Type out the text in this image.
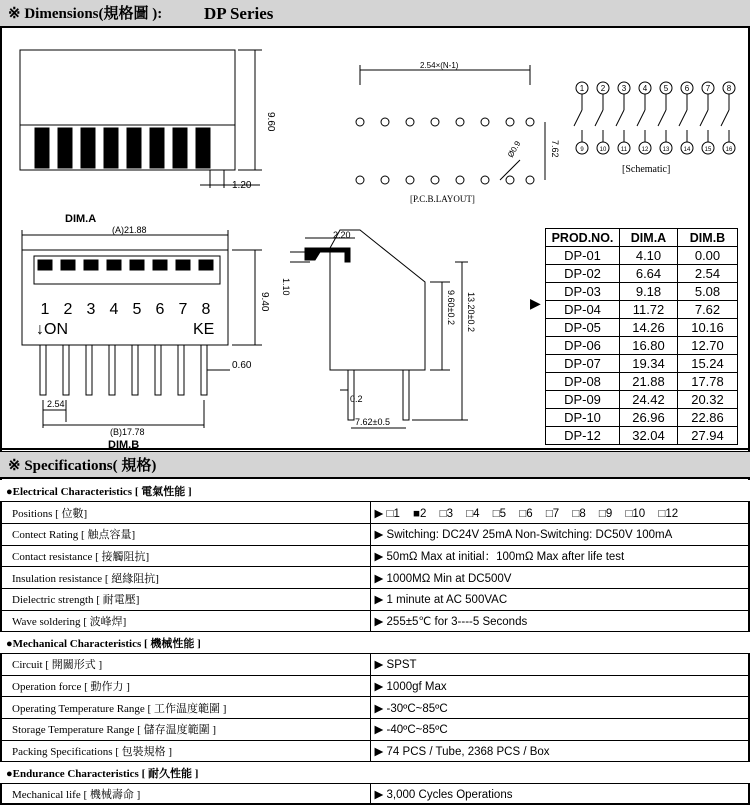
※ Dimensions(規格圖 ): DP Series
9.60
1.20
2.54×(N-1)
Ø0.9	7.62
[P.C.B.LAYOUT]
1 2 3 4 5 6 7 8
9	10 11 12 13 14 15 16
[Schematic]
DIM.A
(A)21.88
1 2 3 4 5 6 7 8
↓ON	KE
9.40
0.60
2.54
(B)17.78
DIM.B
2.20
1.10
9.60±0.2 13.20±0.2
0.2
7.62±0.5
▶
PROD.NO.	DIM.A	DIM.B
DP-01	4.10	0.00
DP-02	6.64	2.54
DP-03	9.18	5.08
DP-04	11.72	7.62
DP-05	14.26	10.16
DP-06	16.80	12.70
DP-07	19.34	15.24
DP-08	21.88	17.78
DP-09	24.42	20.32
DP-10	26.96	22.86
DP-12	32.04	27.94
※ Specifications( 規格)
●Electrical Characteristics [ 電氣性能 ]	
Positions [ 位數]	▶ □1 ■2 □3 □4 □5 □6 □7 □8 □9 □10 □12
Contect Rating [ 触点容量]	▶ Switching: DC24V 25mA Non-Switching: DC50V 100mA
Contact resistance [ 接觸阻抗]	▶ 50mΩ Max at initial：100mΩ Max after life test
Insulation resistance [ 絕緣阻抗]	▶ 1000MΩ Min at DC500V
Dielectric strength [ 耐電壓]	▶ 1 minute at AC 500VAC
Wave soldering [ 波峰焊]	▶ 255±5℃ for 3----5 Seconds
●Mechanical Characteristics [ 機械性能 ]	
Circuit [ 開關形式 ]	▶ SPST
Operation force [ 動作力 ]	▶ 1000gf Max
Operating Temperature Range [ 工作温度範圍 ]	▶ -30ºC~85ºC
Storage Temperature Range [ 儲存温度範圍 ]	▶ -40ºC~85ºC
Packing Specifications [ 包裝規格 ]	▶ 74 PCS / Tube, 2368 PCS / Box
●Endurance Characteristics [ 耐久性能 ]	
Mechanical life [ 機械壽命 ]	▶ 3,000 Cycles Operations
